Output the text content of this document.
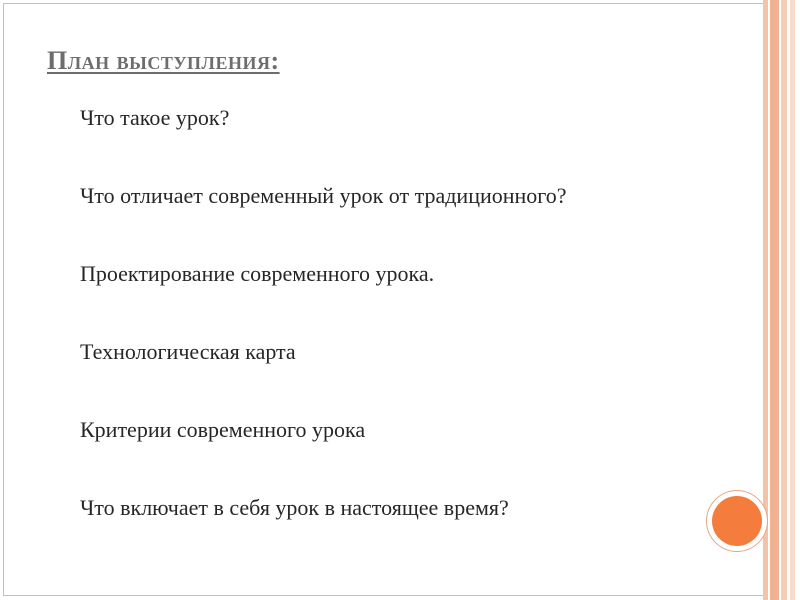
План выступления:
Что такое урок?
Что отличает современный урок от традиционного?
Проектирование современного урока.
Технологическая карта
Критерии современного урока
Что включает в себя урок в настоящее время?
